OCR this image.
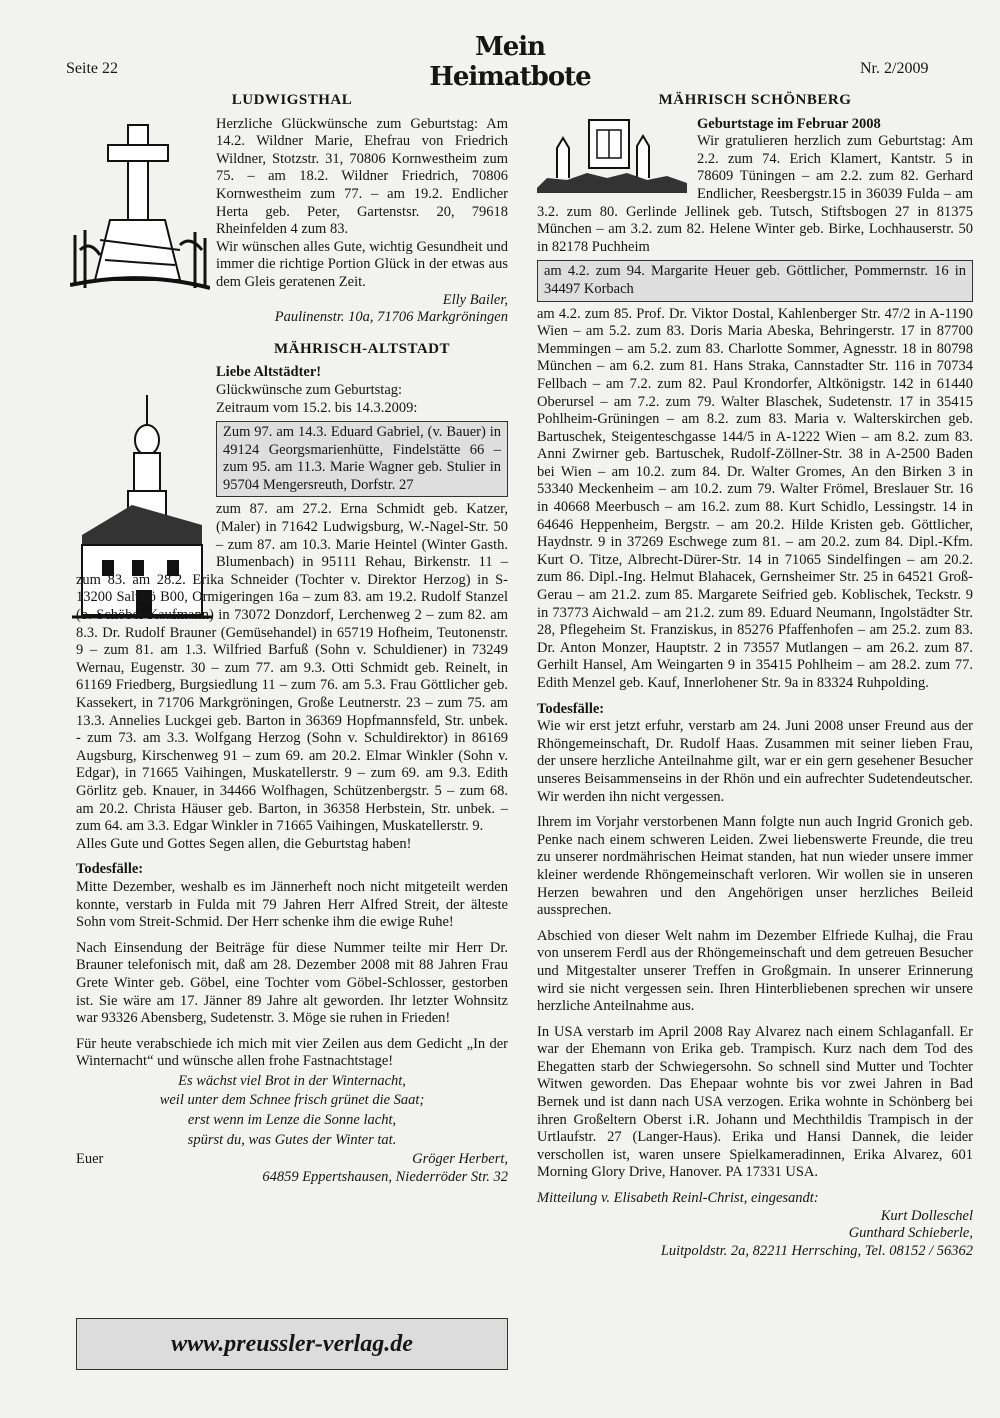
Seite 22
Mein Heimatbote	Nr. 2/2009
LUDWIGSTHAL

Herzliche Glückwünsche zum Geburtstag: Am 14.2. Wildner Marie, Ehefrau von Friedrich Wildner, Stotzstr. 31, 70806 Kornwestheim zum 75. – am 18.2. Wildner Friedrich, 70806 Kornwestheim zum 77. – am 19.2. Endlicher Herta geb. Peter, Gartenstsr. 20, 79618 Rheinfelden 4 zum 83.

Wir wünschen alles Gute, wichtig Gesundheit und immer die richtige Portion Glück in der etwas aus dem Gleis geratenen Zeit.

Elly Bailer,

Paulinenstr. 10a, 71706 Markgröningen

MÄHRISCH-ALTSTADT

Liebe Altstädter!

Glückwünsche zum Geburtstag:

Zeitraum vom 15.2. bis 14.3.2009:

Zum 97. am 14.3. Eduard Gabriel, (v. Bauer) in 49124 Georgsmarienhütte, Findelstätte 66 – zum 95. am 11.3. Marie Wagner geb. Stulier in 95704 Mengersreuth, Dorfstr. 27

zum 87. am 27.2. Erna Schmidt geb. Katzer, (Maler) in 71642 Ludwigsburg, W.-Nagel-Str. 50 – zum 87. am 10.3. Marie Heintel (Winter Gasth. Blumenbach) in 95111 Rehau, Birkenstr. 11 – zum 83. am 28.2. Erika Schneider (Tochter v. Direktor Herzog) in S-13200 Saltsjö B00, Ormigeringen 16a – zum 83. am 19.2. Rudolf Stanzel (b. Schöbel-Kaufmann) in 73072 Donzdorf, Lerchenweg 2 – zum 82. am 8.3. Dr. Rudolf Brauner (Gemüsehandel) in 65719 Hofheim, Teutonenstr. 9 – zum 81. am 1.3. Wilfried Barfuß (Sohn v. Schuldiener) in 73249 Wernau, Eugenstr. 30 – zum 77. am 9.3. Otti Schmidt geb. Reinelt, in 61169 Friedberg, Burgsiedlung 11 – zum 76. am 5.3. Frau Göttlicher geb. Kassekert, in 71706 Markgröningen, Große Leutnerstr. 23 – zum 75. am 13.3. Annelies Luckgei geb. Barton in 36369 Hopfmannsfeld, Str. unbek. - zum 73. am 3.3. Wolfgang Herzog (Sohn v. Schuldirektor) in 86169 Augsburg, Kirschenweg 91 – zum 69. am 20.2. Elmar Winkler (Sohn v. Edgar), in 71665 Vaihingen, Muskatellerstr. 9 – zum 69. am 9.3. Edith Görlitz geb. Knauer, in 34466 Wolfhagen, Schützenbergstr. 5 – zum 68. am 20.2. Christa Häuser geb. Barton, in 36358 Herbstein, Str. unbek. – zum 64. am 3.3. Edgar Winkler in 71665 Vaihingen, Muskatellerstr. 9.

Alles Gute und Gottes Segen allen, die Geburtstag haben!

Todesfälle:

Mitte Dezember, weshalb es im Jännerheft noch nicht mitgeteilt werden konnte, verstarb in Fulda mit 79 Jahren Herr Alfred Streit, der älteste Sohn vom Streit-Schmid. Der Herr schenke ihm die ewige Ruhe!

Nach Einsendung der Beiträge für diese Nummer teilte mir Herr Dr. Brauner telefonisch mit, daß am 28. Dezember 2008 mit 88 Jahren Frau Grete Winter geb. Göbel, eine Tochter vom Göbel-Schlosser, gestorben ist. Sie wäre am 17. Jänner 89 Jahre alt geworden. Ihr letzter Wohnsitz war 93326 Abensberg, Sudetenstr. 3. Möge sie ruhen in Frieden!

Für heute verabschiede ich mich mit vier Zeilen aus dem Gedicht „In der Winternacht“ und wünsche allen frohe Fastnachtstage!

Es wächst viel Brot in der Winternacht,

weil unter dem Schnee frisch grünet die Saat;

erst wenn im Lenze die Sonne lacht,

spürst du, was Gutes der Winter tat.

Euer	Gröger Herbert,

64859 Eppertshausen, Niederröder Str. 32

www.preussler-verlag.de
MÄHRISCH SCHÖNBERG

Geburtstage im Februar 2008

Wir gratulieren herzlich zum Geburtstag: Am 2.2. zum 74. Erich Klamert, Kantstr. 5 in 78609 Tüningen – am 2.2. zum 82. Gerhard Endlicher, Reesbergstr.15 in 36039 Fulda – am 3.2. zum 80. Gerlinde Jellinek geb. Tutsch, Stiftsbogen 27 in 81375 München – am 3.2. zum 82. Helene Winter geb. Birke, Lochhauserstr. 50 in 82178 Puchheim

am 4.2. zum 94. Margarite Heuer geb. Göttlicher, Pommernstr. 16 in 34497 Korbach

am 4.2. zum 85. Prof. Dr. Viktor Dostal, Kahlenberger Str. 47/2 in A-1190 Wien – am 5.2. zum 83. Doris Maria Abeska, Behringerstr. 17 in 87700 Memmingen – am 5.2. zum 83. Charlotte Sommer, Agnesstr. 18 in 80798 München – am 6.2. zum 81. Hans Straka, Cannstadter Str. 116 in 70734 Fellbach – am 7.2. zum 82. Paul Krondorfer, Altkönigstr. 142 in 61440 Oberursel – am 7.2. zum 79. Walter Blaschek, Sudetenstr. 17 in 35415 Pohlheim-Grüningen – am 8.2. zum 83. Maria v. Walterskirchen geb. Bartuschek, Steigenteschgasse 144/5 in A-1222 Wien – am 8.2. zum 83. Anni Zwirner geb. Bartuschek, Rudolf-Zöllner-Str. 38 in A-2500 Baden bei Wien – am 10.2. zum 84. Dr. Walter Gromes, An den Birken 3 in 53340 Meckenheim – am 10.2. zum 79. Walter Frömel, Breslauer Str. 16 in 40668 Meerbusch – am 16.2. zum 88. Kurt Schidlo, Lessingstr. 14 in 64646 Heppenheim, Bergstr. – am 20.2. Hilde Kristen geb. Göttlicher, Haydnstr. 9 in 37269 Eschwege zum 81. – am 20.2. zum 84. Dipl.-Kfm. Kurt O. Titze, Albrecht-Dürer-Str. 14 in 71065 Sindelfingen – am 20.2. zum 86. Dipl.-Ing. Helmut Blahacek, Gernsheimer Str. 25 in 64521 Groß-Gerau – am 21.2. zum 85. Margarete Seifried geb. Koblischek, Teckstr. 9 in 73773 Aichwald – am 21.2. zum 89. Eduard Neumann, Ingolstädter Str. 28, Pflegeheim St. Franziskus, in 85276 Pfaffenhofen – am 25.2. zum 83. Dr. Anton Monzer, Hauptstr. 2 in 73557 Mutlangen – am 26.2. zum 87. Gerhilt Hansel, Am Weingarten 9 in 35415 Pohlheim – am 28.2. zum 77. Edith Menzel geb. Kauf, Innerlohener Str. 9a in 83324 Ruhpolding.

Todesfälle:

Wie wir erst jetzt erfuhr, verstarb am 24. Juni 2008 unser Freund aus der Rhöngemeinschaft, Dr. Rudolf Haas. Zusammen mit seiner lieben Frau, der unsere herzliche Anteilnahme gilt, war er ein gern gesehener Besucher unseres Beisammenseins in der Rhön und ein aufrechter Sudetendeutscher. Wir werden ihn nicht vergessen.

Ihrem im Vorjahr verstorbenen Mann folgte nun auch Ingrid Gronich geb. Penke nach einem schweren Leiden. Zwei liebenswerte Freunde, die treu zu unserer nordmährischen Heimat standen, hat nun wieder unsere immer kleiner werdende Rhöngemeinschaft verloren. Wir wollen sie in unseren Herzen bewahren und den Angehörigen unser herzliches Beileid aussprechen.

Abschied von dieser Welt nahm im Dezember Elfriede Kulhaj, die Frau von unserem Ferdl aus der Rhöngemeinschaft und dem getreuen Besucher und Mitgestalter unserer Treffen in Großgmain. In unserer Erinnerung wird sie nicht vergessen sein. Ihren Hinterbliebenen sprechen wir unsere herzliche Anteilnahme aus.

In USA verstarb im April 2008 Ray Alvarez nach einem Schlaganfall. Er war der Ehemann von Erika geb. Trampisch. Kurz nach dem Tod des Ehegatten starb der Schwiegersohn. So schnell sind Mutter und Tochter Witwen geworden. Das Ehepaar wohnte bis vor zwei Jahren in Bad Bernek und ist dann nach USA verzogen. Erika wohnte in Schönberg bei ihren Großeltern Oberst i.R. Johann und Mechthildis Trampisch in der Urtlaufstr. 27 (Langer-Haus). Erika und Hansi Dannek, die leider verschollen ist, waren unsere Spielkameradinnen, Erika Alvarez, 601 Morning Glory Drive, Hanover. PA 17331 USA.

Mitteilung v. Elisabeth Reinl-Christ, eingesandt:

Kurt Dolleschel

Gunthard Schieberle,

Luitpoldstr. 2a, 82211 Herrsching, Tel. 08152 / 56362
